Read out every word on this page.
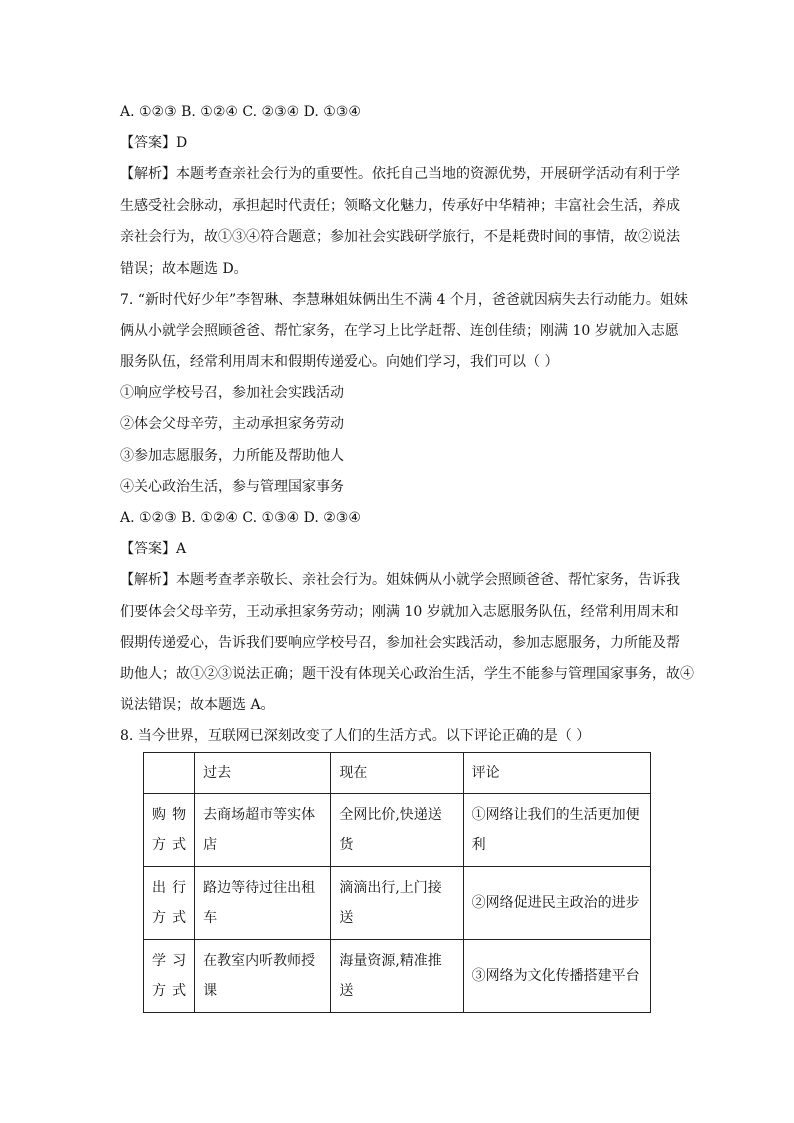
A. ①②③ B. ①②④ C. ②③④ D. ①③④
【答案】D
【解析】本题考查亲社会行为的重要性。依托自己当地的资源优势，开展研学活动有利于学
生感受社会脉动，承担起时代责任；领略文化魅力，传承好中华精神；丰富社会生活，养成
亲社会行为，故①③④符合题意；参加社会实践研学旅行，不是耗费时间的事情，故②说法
错误；故本题选 D。
7. “新时代好少年”李智琳、李慧琳姐妹俩出生不满 4 个月，爸爸就因病失去行动能力。姐妹
俩从小就学会照顾爸爸、帮忙家务，在学习上比学赶帮、连创佳绩；刚满 10 岁就加入志愿
服务队伍，经常利用周末和假期传递爱心。向她们学习，我们可以（ ）
①响应学校号召，参加社会实践活动
②体会父母辛劳，主动承担家务劳动
③参加志愿服务，力所能及帮助他人
④关心政治生活，参与管理国家事务
A. ①②③ B. ①②④ C. ①③④ D. ②③④
【答案】A
【解析】本题考查孝亲敬长、亲社会行为。姐妹俩从小就学会照顾爸爸、帮忙家务，告诉我
们要体会父母辛劳，王动承担家务劳动；刚满 10 岁就加入志愿服务队伍，经常利用周末和
假期传递爱心，告诉我们要响应学校号召，参加社会实践活动，参加志愿服务，力所能及帮
助他人；故①②③说法正确；题干没有体现关心政治生活，学生不能参与管理国家事务，故④
说法错误；故本题选 A。
8. 当今世界，互联网已深刻改变了人们的生活方式。以下评论正确的是（ ）
	过去	现在	评论
购物方式	去商场超市等实体店	全网比价,快递送货	①网络让我们的生活更加便利
出行方式	路边等待过往出租车	滴滴出行,上门接送	②网络促进民主政治的进步
学习方式	在教室内听教师授课	海量资源,精准推送	③网络为文化传播搭建平台
